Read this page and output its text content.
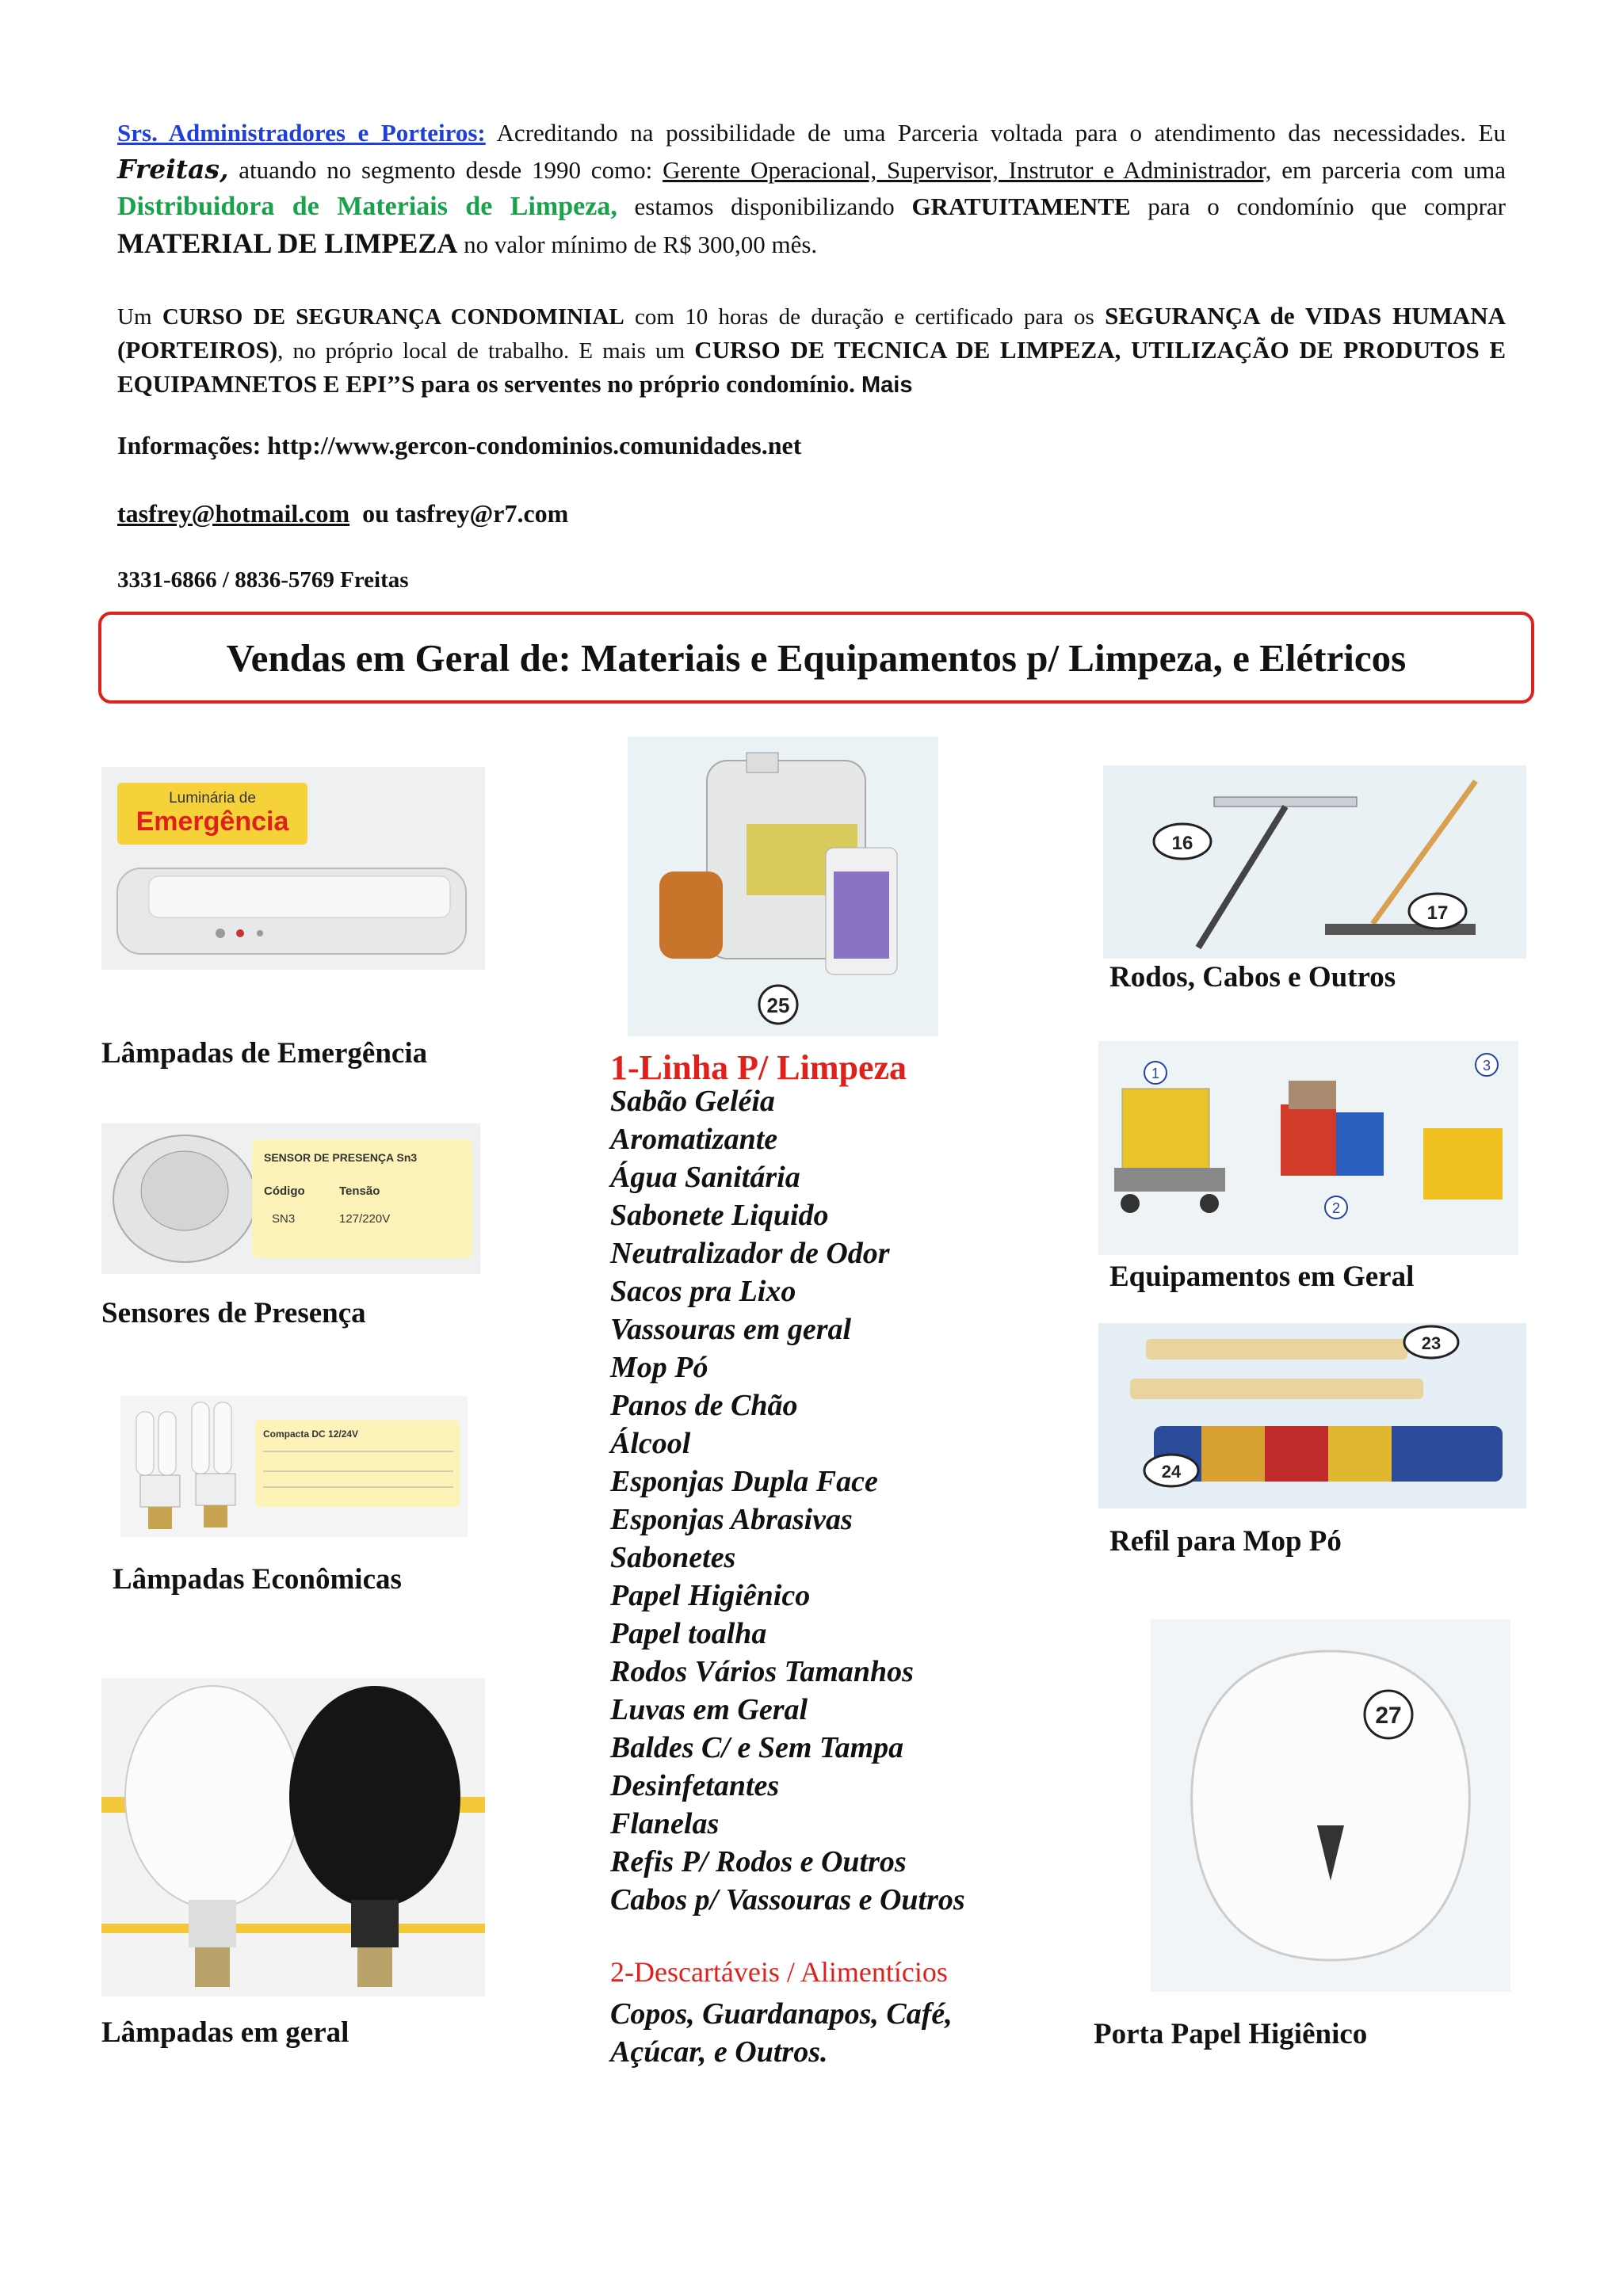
Srs. Administradores e Porteiros: Acreditando na possibilidade de uma Parceria voltada para o atendimento das necessidades. Eu Freitas, atuando no segmento desde 1990 como: Gerente Operacional, Supervisor, Instrutor e Administrador, em parceria com uma Distribuidora de Materiais de Limpeza, estamos disponibilizando GRATUITAMENTE para o condomínio que comprar MATERIAL DE LIMPEZA no valor mínimo de R$ 300,00 mês.
Um CURSO DE SEGURANÇA CONDOMINIAL com 10 horas de duração e certificado para os SEGURANÇA de VIDAS HUMANA (PORTEIROS), no próprio local de trabalho. E mais um CURSO DE TECNICA DE LIMPEZA, UTILIZAÇÃO DE PRODUTOS E EQUIPAMNETOS E EPI’’S para os serventes no próprio condomínio. Mais
Informações: http://www.gercon-condominios.comunidades.net
tasfrey@hotmail.com ou tasfrey@r7.com
3331-6866 / 8836-5769 Freitas
Vendas em Geral de: Materiais e Equipamentos p/ Limpeza, e Elétricos
Luminária de
Emergência
SENSOR DE PRESENÇA Sn3
Código	Tensão
SN3	127/220V
Compacta DC 12/24V
Lâmpadas de Emergência
Sensores de Presença
Lâmpadas Econômicas
Lâmpadas em geral
25
1-Linha P/ Limpeza
Sabão Geléia
Aromatizante
Água Sanitária
Sabonete Liquido
Neutralizador de Odor
Sacos pra Lixo
Vassouras em geral
Mop Pó
Panos de Chão
Álcool
Esponjas Dupla Face
Esponjas Abrasivas
Sabonetes
Papel Higiênico
Papel toalha
Rodos Vários Tamanhos
Luvas em Geral
Baldes C/ e Sem Tampa
Desinfetantes
Flanelas
Refis P/ Rodos e Outros
Cabos p/ Vassouras e Outros
2-Descartáveis / Alimentícios
Copos, Guardanapos, Café,
Açúcar, e Outros.
16
17
1
2
3
23
24
27
Rodos, Cabos e Outros
Equipamentos em Geral
Refil para Mop Pó
Porta Papel Higiênico
